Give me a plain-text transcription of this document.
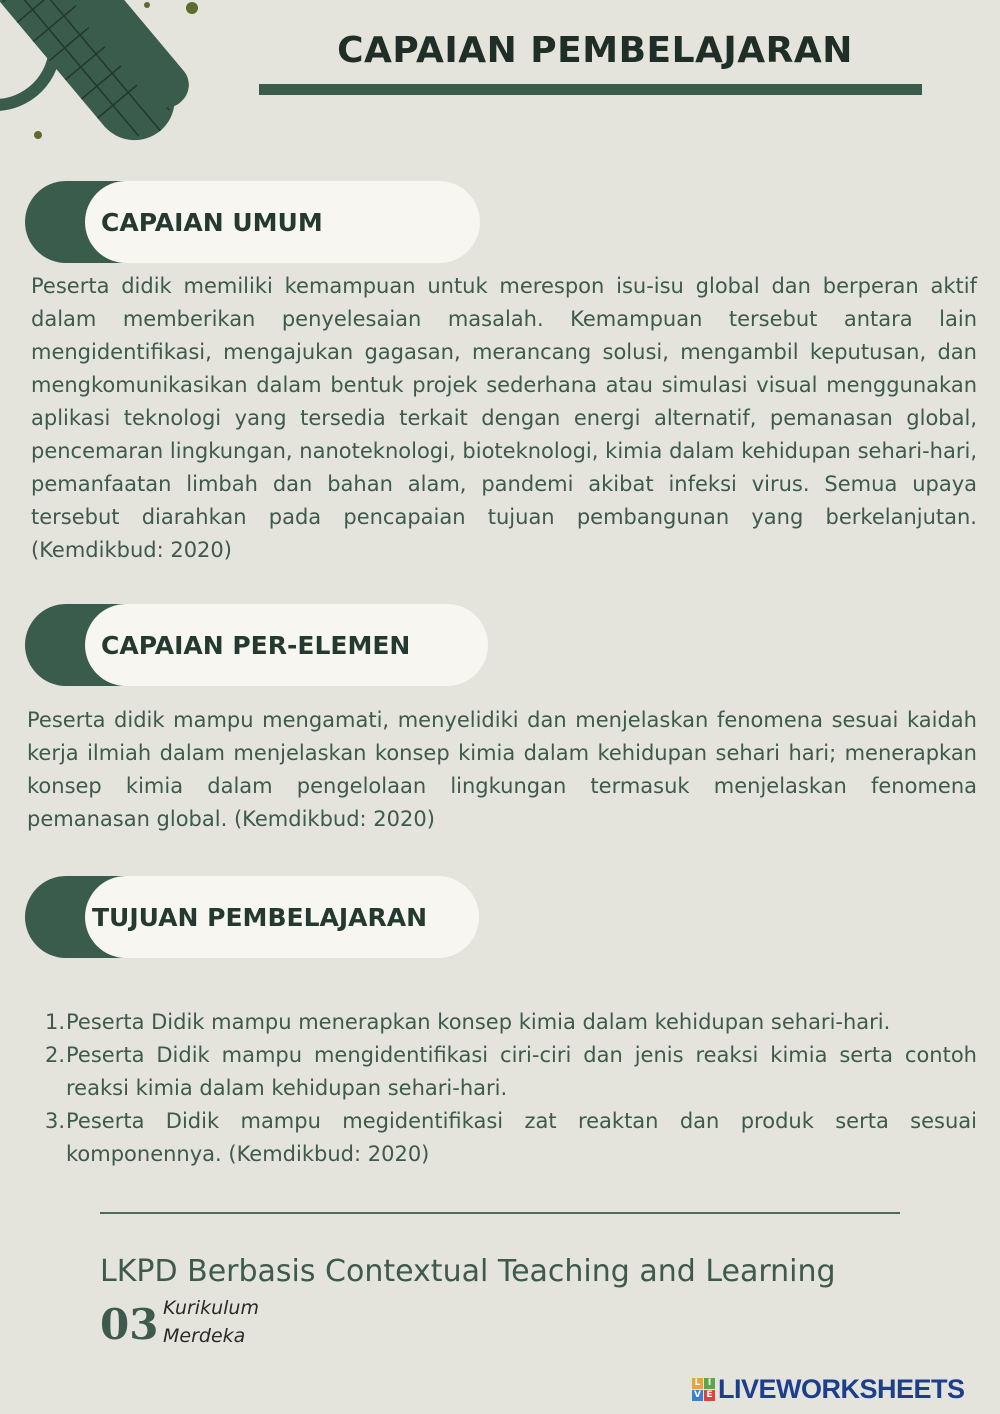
CAPAIAN PEMBELAJARAN
CAPAIAN UMUM
Peserta didik memiliki kemampuan untuk merespon isu-isu global dan berperan aktif dalam memberikan penyelesaian masalah. Kemampuan tersebut antara lain mengidentifikasi, mengajukan gagasan, merancang solusi, mengambil keputusan, dan mengkomunikasikan dalam bentuk projek sederhana atau simulasi visual menggunakan aplikasi teknologi yang tersedia terkait dengan energi alternatif, pemanasan global, pencemaran lingkungan, nanoteknologi, bioteknologi, kimia dalam kehidupan sehari-hari, pemanfaatan limbah dan bahan alam, pandemi akibat infeksi virus. Semua upaya tersebut diarahkan pada pencapaian tujuan pembangunan yang berkelanjutan. (Kemdikbud: 2020)
CAPAIAN PER-ELEMEN
Peserta didik mampu mengamati, menyelidiki dan menjelaskan fenomena sesuai kaidah kerja ilmiah dalam menjelaskan konsep kimia dalam kehidupan sehari hari; menerapkan konsep kimia dalam pengelolaan lingkungan termasuk menjelaskan fenomena pemanasan global. (Kemdikbud: 2020)
TUJUAN PEMBELAJARAN
1. Peserta Didik mampu menerapkan konsep kimia dalam kehidupan sehari-hari.
2. Peserta Didik mampu mengidentifikasi ciri-ciri dan jenis reaksi kimia serta contoh reaksi kimia dalam kehidupan sehari-hari.
3. Peserta Didik mampu megidentifikasi zat reaktan dan produk serta sesuai komponennya. (Kemdikbud: 2020)
LKPD Berbasis Contextual Teaching and Learning
03 Kurikulum
Merdeka
L I
V E LIVEWORKSHEETS
